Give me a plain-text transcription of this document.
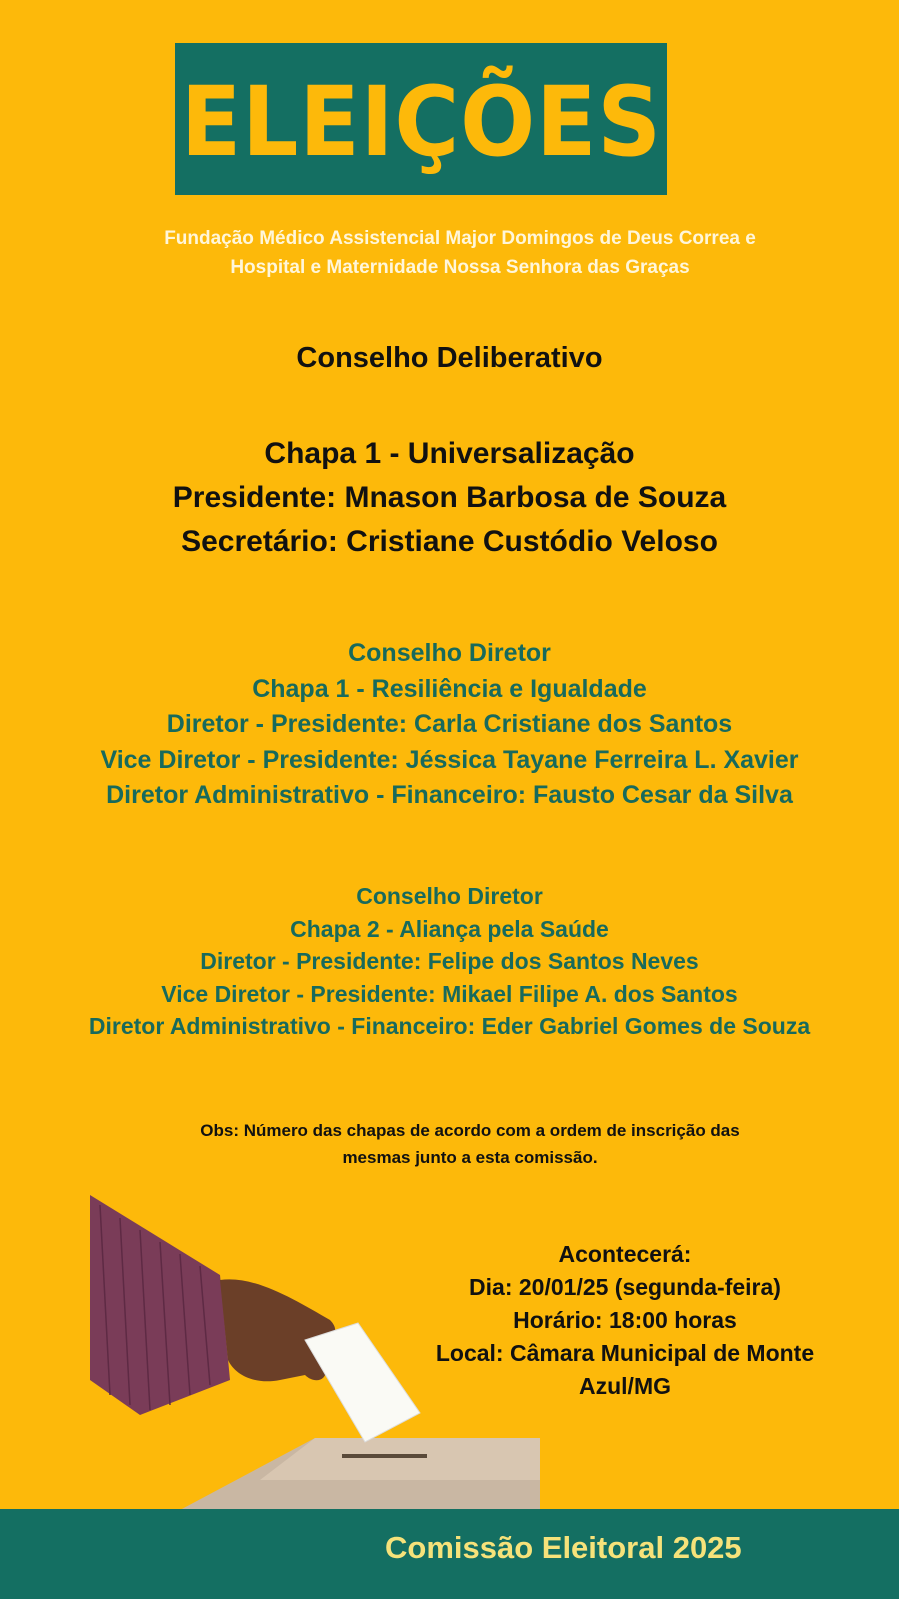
ELEIÇÕES
Fundação Médico Assistencial Major Domingos de Deus Correa e
Hospital e Maternidade Nossa Senhora das Graças
Conselho Deliberativo
Chapa 1 - Universalização
Presidente: Mnason Barbosa de Souza
Secretário: Cristiane Custódio Veloso
Conselho Diretor
Chapa 1 - Resiliência e Igualdade
Diretor - Presidente: Carla Cristiane dos Santos
Vice Diretor - Presidente: Jéssica Tayane Ferreira L. Xavier
Diretor Administrativo - Financeiro: Fausto Cesar da Silva
Conselho Diretor
Chapa 2 - Aliança pela Saúde
Diretor - Presidente: Felipe dos Santos Neves
Vice Diretor - Presidente: Mikael Filipe A. dos Santos
Diretor Administrativo - Financeiro: Eder Gabriel Gomes de Souza
Obs: Número das chapas de acordo com a ordem de inscrição das
mesmas junto a esta comissão.
Acontecerá:
Dia: 20/01/25 (segunda-feira)
Horário: 18:00 horas
Local: Câmara Municipal de Monte
Azul/MG
Comissão Eleitoral 2025
